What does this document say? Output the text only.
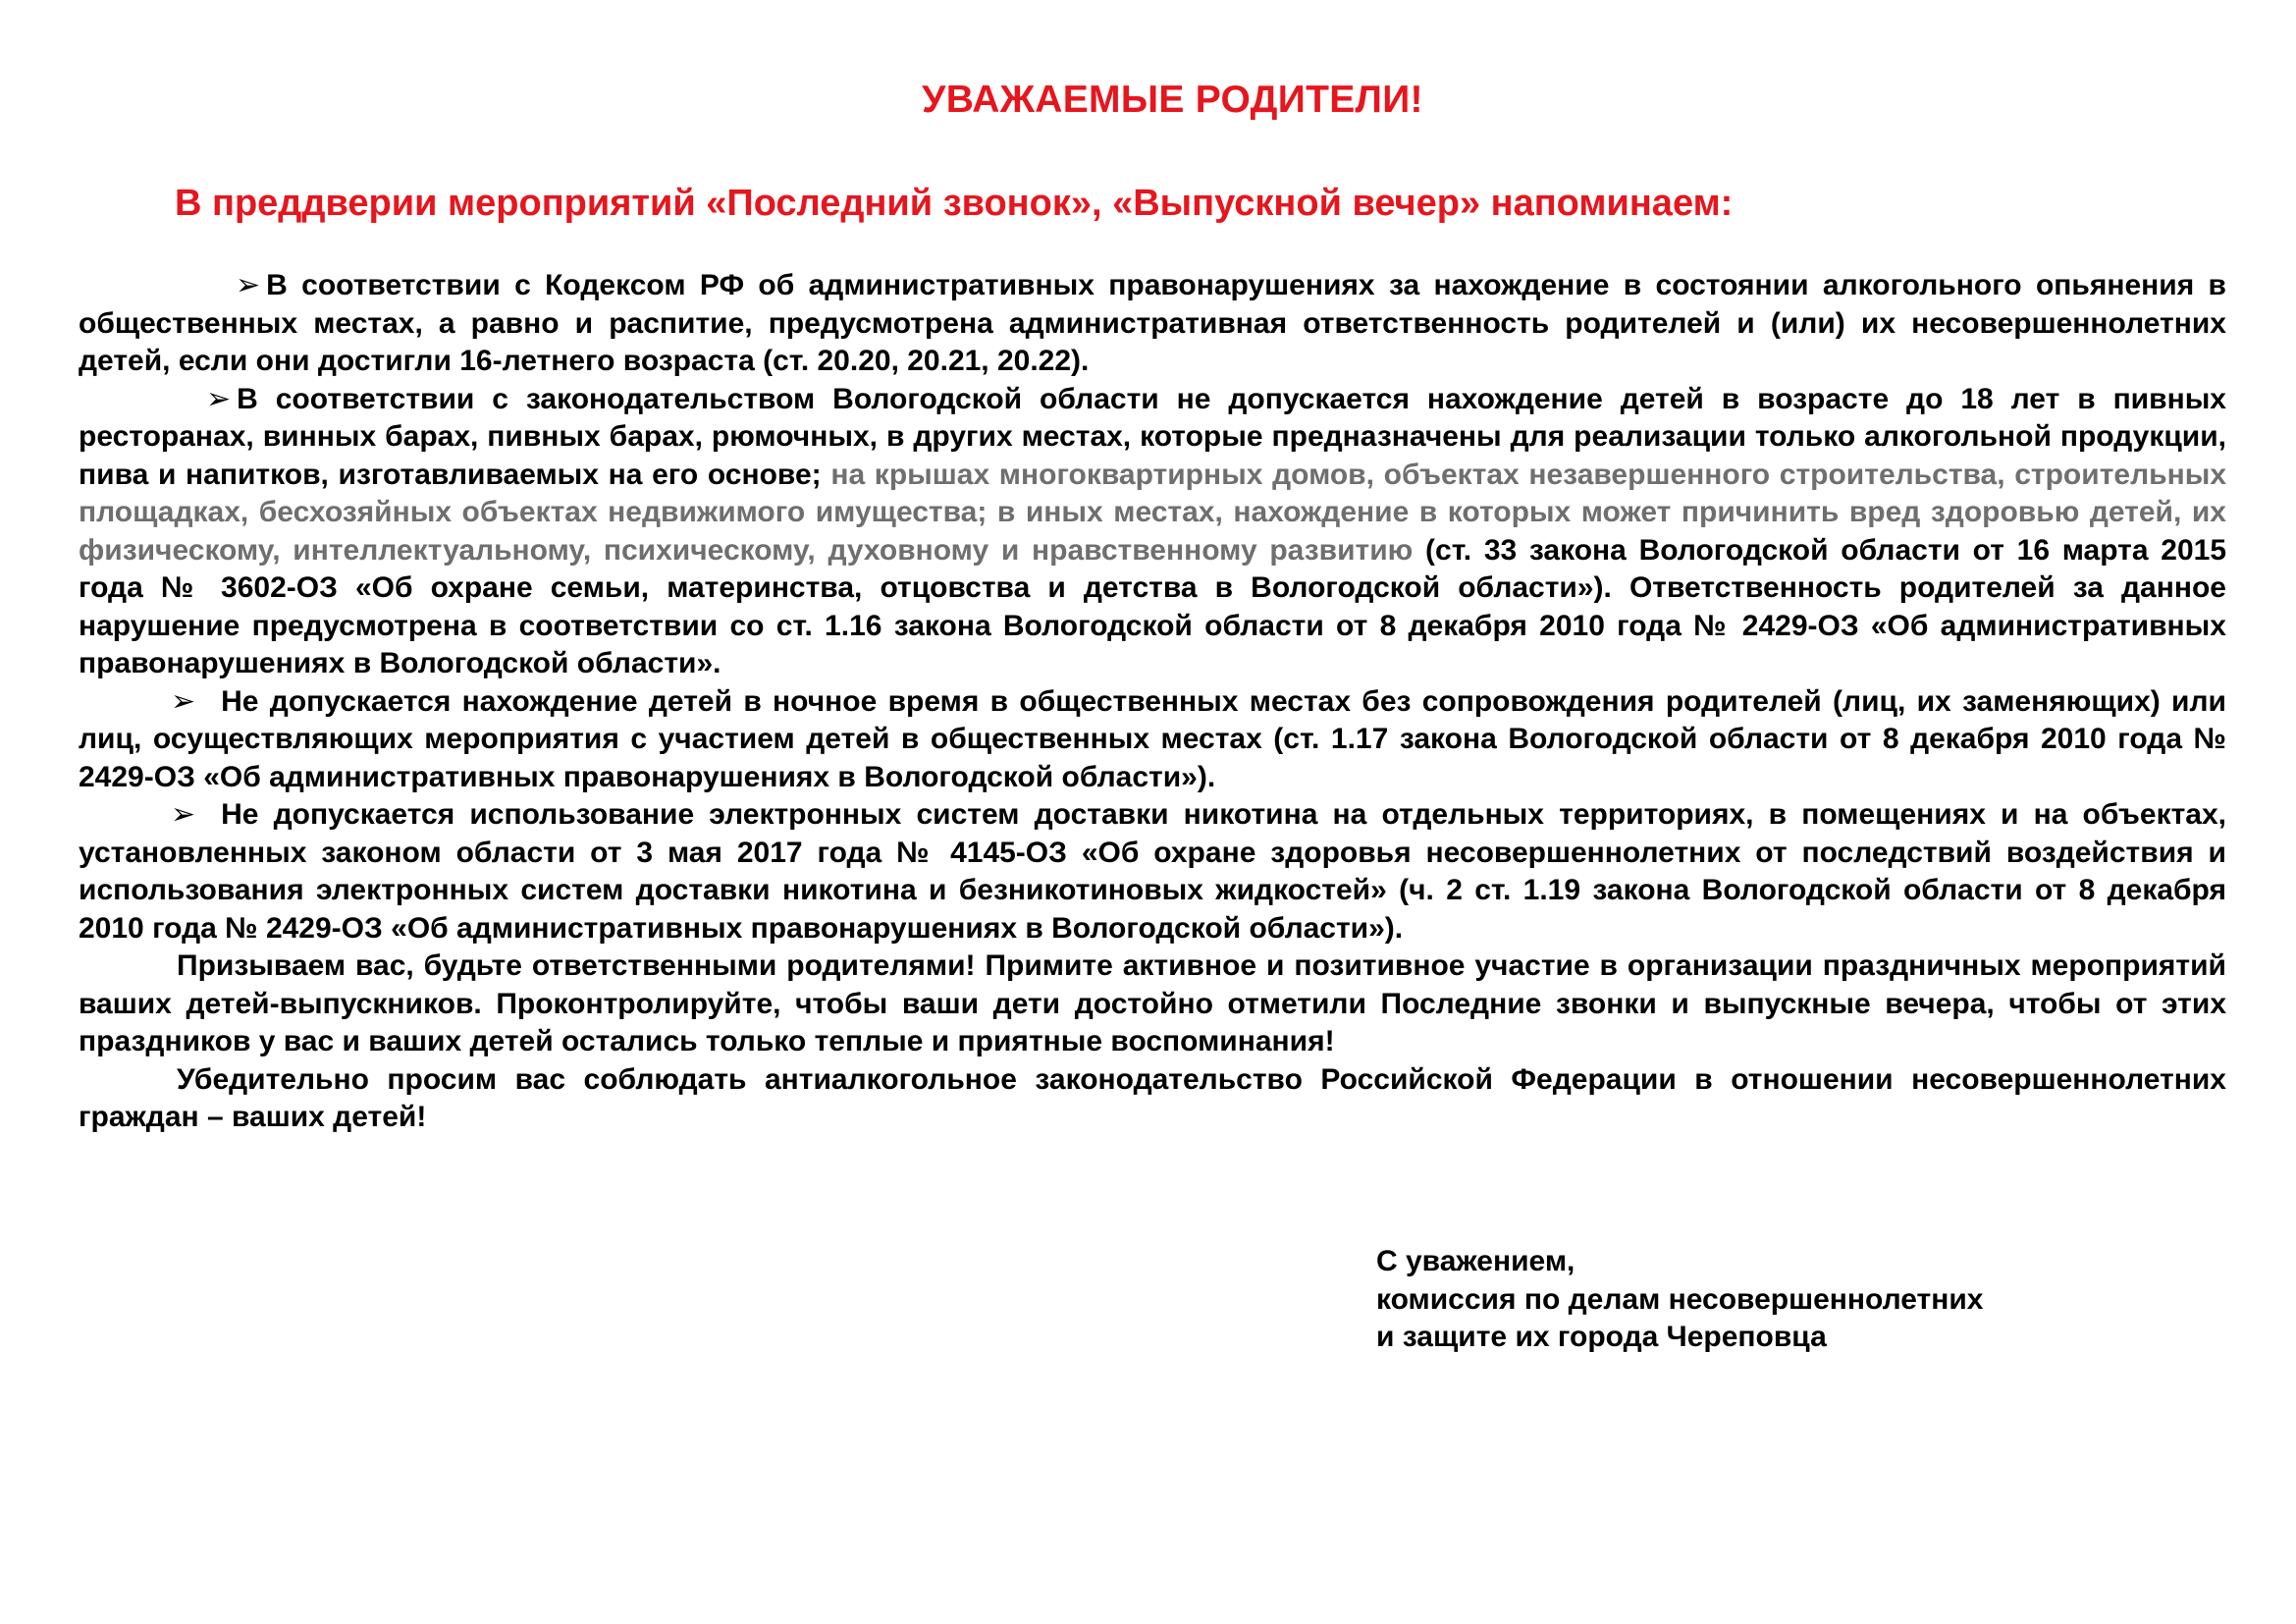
УВАЖАЕМЫЕ РОДИТЕЛИ!
В преддверии мероприятий «Последний звонок», «Выпускной вечер» напоминаем:

➢ В соответствии с Кодексом РФ об административных правонарушениях за нахождение в состоянии алкогольного опьянения в общественных местах, а равно и распитие, предусмотрена административная ответственность родителей и (или) их несовершеннолетних детей, если они достигли 16-летнего возраста (ст. 20.20, 20.21, 20.22).

➢ В соответствии с законодательством Вологодской области не допускается нахождение детей в возрасте до 18 лет в пивных ресторанах, винных барах, пивных барах, рюмочных, в других местах, которые предназначены для реализации только алкогольной продукции, пива и напитков, изготавливаемых на его основе; на крышах многоквартирных домов, объектах незавершенного строительства, строительных площадках, бесхозяйных объектах недвижимого имущества; в иных местах, нахождение в которых может причинить вред здоровью детей, их физическому, интеллектуальному, психическому, духовному и нравственному развитию (ст. 33 закона Вологодской области от 16 марта 2015 года № 3602-ОЗ «Об охране семьи, материнства, отцовства и детства в Вологодской области»). Ответственность родителей за данное нарушение предусмотрена в соответствии со ст. 1.16 закона Вологодской области от 8 декабря 2010 года № 2429-ОЗ «Об административных правонарушениях в Вологодской области».

➢ Не допускается нахождение детей в ночное время в общественных местах без сопровождения родителей (лиц, их заменяющих) или лиц, осуществляющих мероприятия с участием детей в общественных местах (ст. 1.17 закона Вологодской области от 8 декабря 2010 года № 2429-ОЗ «Об административных правонарушениях в Вологодской области»).

➢ Не допускается использование электронных систем доставки никотина на отдельных территориях, в помещениях и на объектах, установленных законом области от 3 мая 2017 года № 4145-ОЗ «Об охране здоровья несовершеннолетних от последствий воздействия и использования электронных систем доставки никотина и безникотиновых жидкостей» (ч. 2 ст. 1.19 закона Вологодской области от 8 декабря 2010 года № 2429-ОЗ «Об административных правонарушениях в Вологодской области»).

Призываем вас, будьте ответственными родителями! Примите активное и позитивное участие в организации праздничных мероприятий ваших детей-выпускников. Проконтролируйте, чтобы ваши дети достойно отметили Последние звонки и выпускные вечера, чтобы от этих праздников у вас и ваших детей остались только теплые и приятные воспоминания!

Убедительно просим вас соблюдать антиалкогольное законодательство Российской Федерации в отношении несовершеннолетних граждан – ваших детей!

С уважением,
комиссия по делам несовершеннолетних
и защите их города Череповца
